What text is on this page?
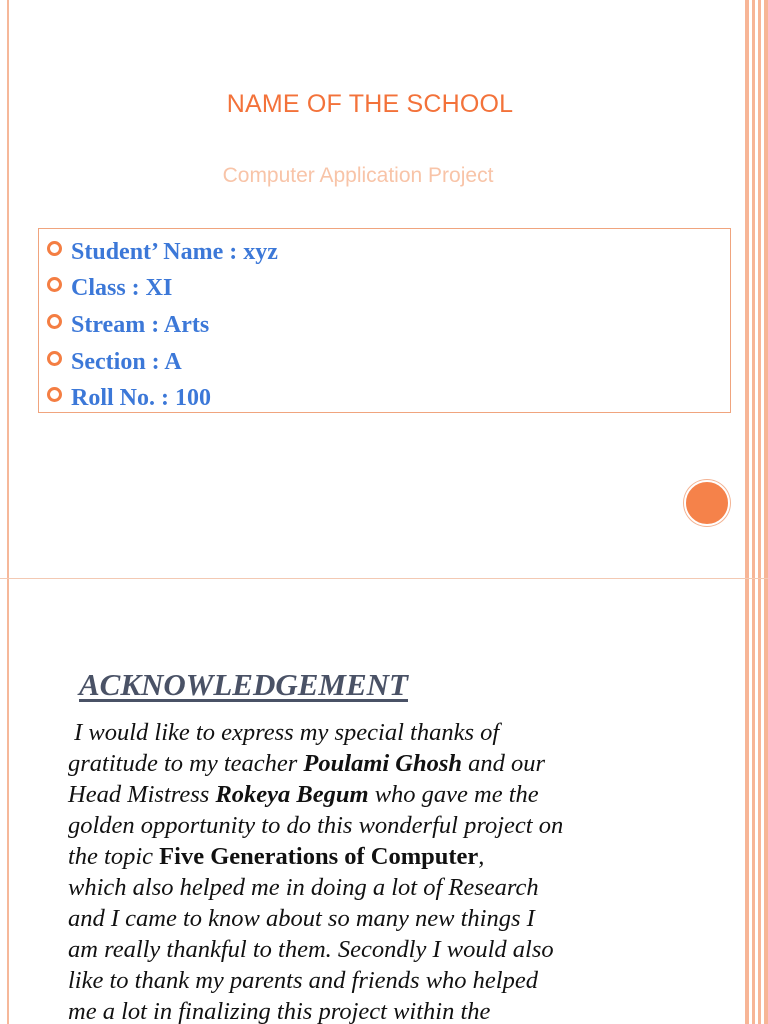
NAME OF THE SCHOOL
Computer Application Project
Student’ Name : xyz
Class : XI
Stream : Arts
Section : A
Roll No. : 100
ACKNOWLEDGEMENT
I would like to express my special thanks of
gratitude to my teacher Poulami Ghosh and our
Head Mistress Rokeya Begum who gave me the
golden opportunity to do this wonderful project on
the topic Five Generations of Computer,
which also helped me in doing a lot of Research
and I came to know about so many new things I
am really thankful to them. Secondly I would also
like to thank my parents and friends who helped
me a lot in finalizing this project within the
